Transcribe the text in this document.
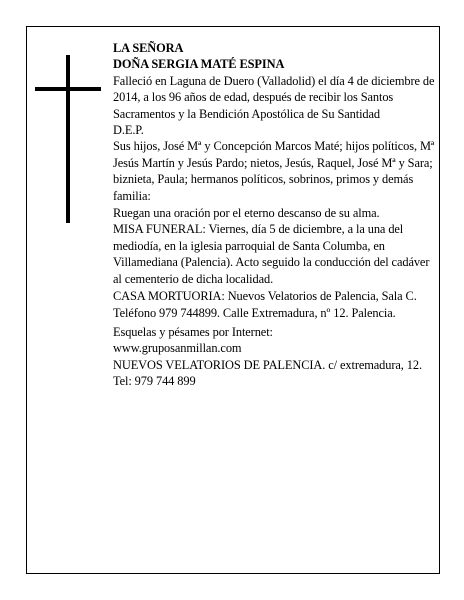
LA SEÑORA

DOÑA SERGIA MATÉ ESPINA

Falleció en Laguna de Duero (Valladolid) el día 4 de diciembre de 2014, a los 96 años de edad, después de recibir los Santos Sacramentos y la Bendición Apostólica de Su Santidad

D.E.P.

Sus hijos, José Mª y Concepción Marcos Maté; hijos políticos, Mª Jesús Martín y Jesús Pardo; nietos, Jesús, Raquel, José Mª y Sara; biznieta, Paula; hermanos políticos, sobrinos, primos y demás familia:

Ruegan una oración por el eterno descanso de su alma.

MISA FUNERAL: Viernes, día 5 de diciembre, a la una del mediodía, en la iglesia parroquial de Santa Columba, en Villamediana (Palencia). Acto seguido la conducción del cadáver al cementerio de dicha localidad.

CASA MORTUORIA: Nuevos Velatorios de Palencia, Sala C. Teléfono 979 744899. Calle Extremadura, nº 12. Palencia.

Esquelas y pésames por Internet:

www.gruposanmillan.com

NUEVOS VELATORIOS DE PALENCIA. c/ extremadura, 12. Tel: 979 744 899
